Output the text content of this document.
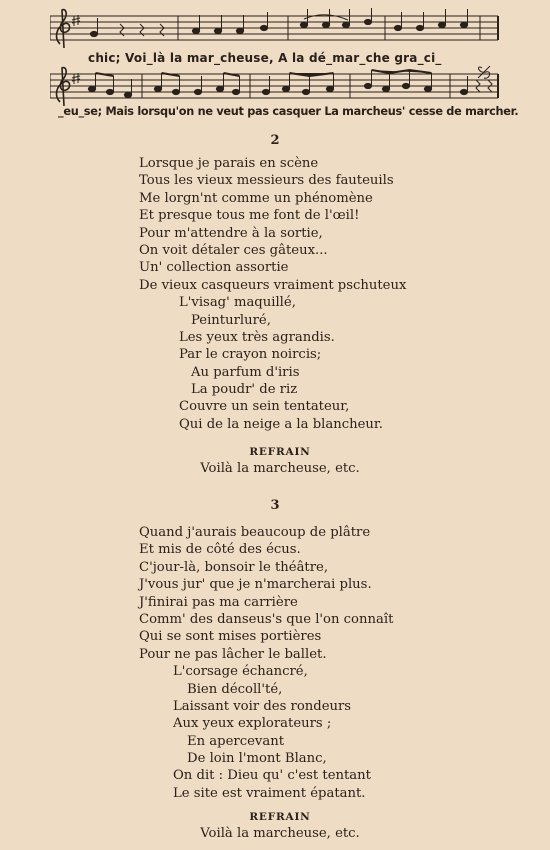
chic; Voi_là la mar_cheuse, A la dé_mar_che gra_ci_
_eu_se; Mais lorsqu'on ne veut pas casquer La marcheus' cesse de marcher.
2
Lorsque je parais en scène
Tous les vieux messieurs des fauteuils
Me lorgn'nt comme un phénomène
Et presque tous me font de l'œil!
Pour m'attendre à la sortie,
On voit détaler ces gâteux...
Un' collection assortie
De vieux casqueurs vraiment pschuteux
L'visag' maquillé,
Peinturluré,
Les yeux très agrandis.
Par le crayon noircis;
Au parfum d'iris
La poudr' de riz
Couvre un sein tentateur,
Qui de la neige a la blancheur.
REFRAIN
Voilà la marcheuse, etc.
3
Quand j'aurais beaucoup de plâtre
Et mis de côté des écus.
C'jour-là, bonsoir le théâtre,
J'vous jur' que je n'marcherai plus.
J'finirai pas ma carrière
Comm' des danseus's que l'on connaît
Qui se sont mises portières
Pour ne pas lâcher le ballet.
L'corsage échancré,
Bien décoll'té,
Laissant voir des rondeurs
Aux yeux explorateurs ;
En apercevant
De loin l'mont Blanc,
On dit : Dieu qu' c'est tentant
Le site est vraiment épatant.
REFRAIN
Voilà la marcheuse, etc.
